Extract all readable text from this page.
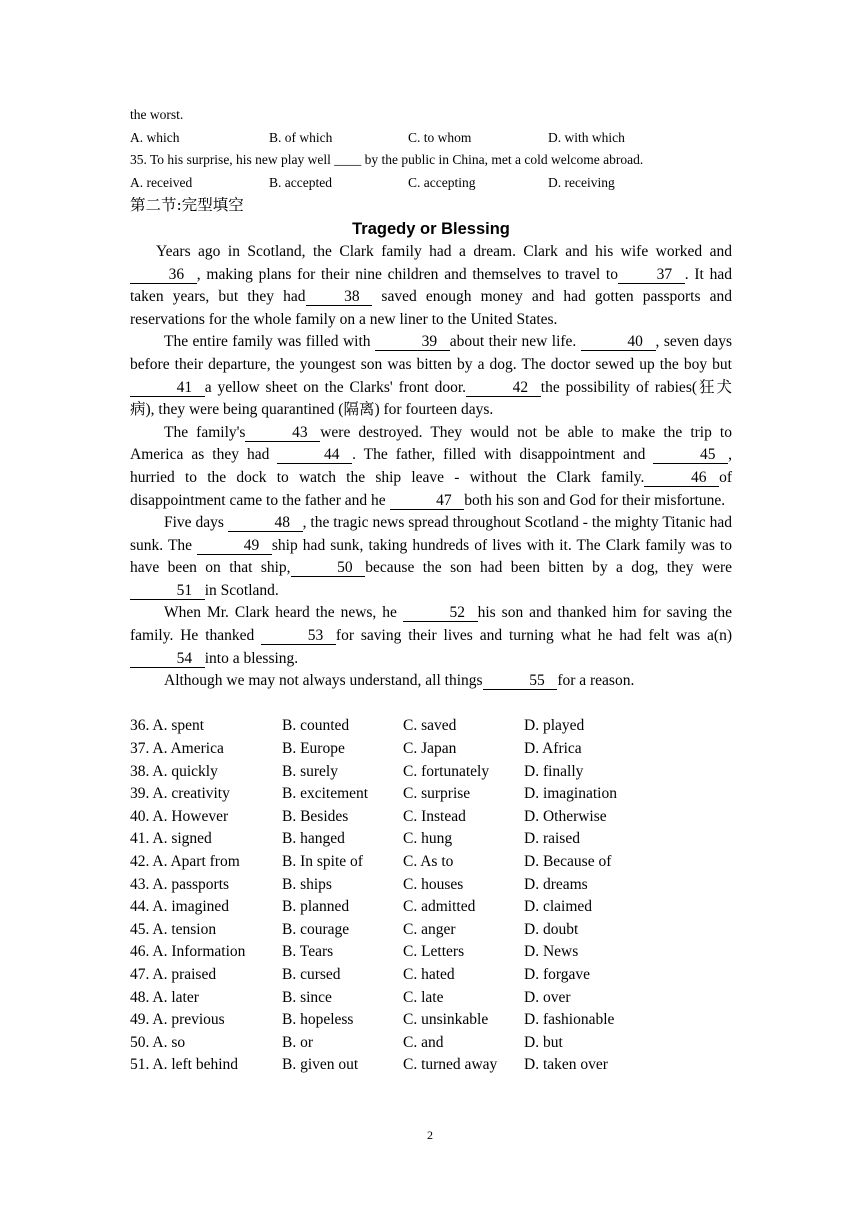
the worst.
A. which	B. of which	C. to whom	D. with which
35. To his surprise, his new play well ____ by the public in China, met a cold welcome abroad.
A. received	B. accepted	C. accepting	D. receiving
第二节:完型填空
Tragedy or Blessing

Years ago in Scotland, the Clark family had a dream. Clark and his wife worked and   36   , making plans for their nine children and themselves to travel to   37   . It had taken years, but they had   38    saved enough money and had gotten passports and reservations for the whole family on a new liner to the United States.

The entire family was filled with    39   about their new life.    40   , seven days before their departure, the youngest son was bitten by a dog. The doctor sewed up the boy but    41   a yellow sheet on the Clarks' front door.   42   the possibility of rabies(狂犬病), they were being quarantined (隔离) for fourteen days.

The family's   43   were destroyed. They would not be able to make the trip to America as they had    44   . The father, filled with disappointment and    45   , hurried to the dock to watch the ship leave - without the Clark family.   46   of disappointment came to the father and he    47   both his son and God for their misfortune.

Five days    48   , the tragic news spread throughout Scotland - the mighty Titanic had sunk. The    49   ship had sunk, taking hundreds of lives with it. The Clark family was to have been on that ship,   50   because the son had been bitten by a dog, they were    51   in Scotland.

When Mr. Clark heard the news, he    52   his son and thanked him for saving the family. He thanked    53   for saving their lives and turning what he had felt was a(n)    54   into a blessing.

Although we may not always understand, all things   55   for a reason.

36. A. spent	B. counted	C. saved	D. played
37. A. America	B. Europe	C. Japan	D. Africa
38. A. quickly	B. surely	C. fortunately	D. finally
39. A. creativity	B. excitement	C. surprise	D. imagination
40. A. However	B. Besides	C. Instead	D. Otherwise
41. A. signed	B. hanged	C. hung	D. raised
42. A. Apart from	B. In spite of	C. As to	D. Because of
43. A. passports	B. ships	C. houses	D. dreams
44. A. imagined	B. planned	C. admitted	D. claimed
45. A. tension	B. courage	C. anger	D. doubt
46. A. Information	B. Tears	C. Letters	D. News
47. A. praised	B. cursed	C. hated	D. forgave
48. A. later	B. since	C. late	D. over
49. A. previous	B. hopeless	C. unsinkable	D. fashionable
50. A. so	B. or	C. and	D. but
51. A. left behind	B. given out	C. turned away	D. taken over
2
